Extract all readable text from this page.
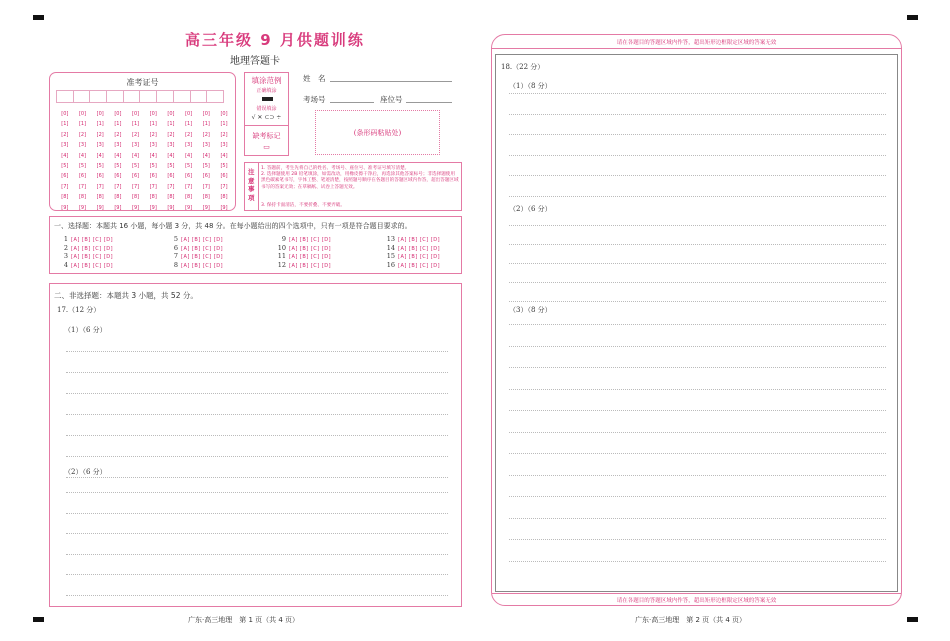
高三年级 9 月供题训练
地理答题卡
准考证号
[0]
[1]
[2]
[3]
[4]
[5]
[6]
[7]
[8]
[9]
[0]
[1]
[2]
[3]
[4]
[5]
[6]
[7]
[8]
[9]
[0]
[1]
[2]
[3]
[4]
[5]
[6]
[7]
[8]
[9]
[0]
[1]
[2]
[3]
[4]
[5]
[6]
[7]
[8]
[9]
[0]
[1]
[2]
[3]
[4]
[5]
[6]
[7]
[8]
[9]
[0]
[1]
[2]
[3]
[4]
[5]
[6]
[7]
[8]
[9]
[0]
[1]
[2]
[3]
[4]
[5]
[6]
[7]
[8]
[9]
[0]
[1]
[2]
[3]
[4]
[5]
[6]
[7]
[8]
[9]
[0]
[1]
[2]
[3]
[4]
[5]
[6]
[7]
[8]
[9]
[0]
[1]
[2]
[3]
[4]
[5]
[6]
[7]
[8]
[9]
填涂范例
正确填涂
错误填涂
√ ✕ ⊂⊃ ÷
缺考标记
▭
姓　名
考场号	座位号
(条形码粘贴处)
注意事项
1. 答题前，考生先将自己的姓名、考场号、座位号、准考证号填写清楚。
2. 选择题使用 2B 铅笔填涂，如需改动，用橡皮擦干净后，再选涂其他答案标号；非选择题使用黑色碳素笔书写，字体工整、笔迹清楚，按照题号顺序在各题目的答题区域内作答，超出答题区域书写的答案无效；在草稿纸、试卷上答题无效。
3. 保持卡面清洁，不要折叠、不要弄破。
一、选择题：本题共 16 小题，每小题 3 分，共 48 分。在每小题给出的四个选项中，只有一项是符合题目要求的。
1 [A] [B] [C] [D]
2 [A] [B] [C] [D]
3 [A] [B] [C] [D]
4 [A] [B] [C] [D]
5 [A] [B] [C] [D]
6 [A] [B] [C] [D]
7 [A] [B] [C] [D]
8 [A] [B] [C] [D]
9 [A] [B] [C] [D]
10 [A] [B] [C] [D]
11 [A] [B] [C] [D]
12 [A] [B] [C] [D]
13 [A] [B] [C] [D]
14 [A] [B] [C] [D]
15 [A] [B] [C] [D]
16 [A] [B] [C] [D]
二、非选择题：本题共 3 小题，共 52 分。
17.（12 分）
（1）（6 分）
（2）（6 分）
广东·高三地理　第 1 页（共 4 页）
请在各题目的答题区域内作答，超出矩形边框限定区域的答案无效
18.（22 分）
（1）（8 分）
（2）（6 分）
（3）（8 分）
请在各题目的答题区域内作答，超出矩形边框限定区域的答案无效
广东·高三地理　第 2 页（共 4 页）
